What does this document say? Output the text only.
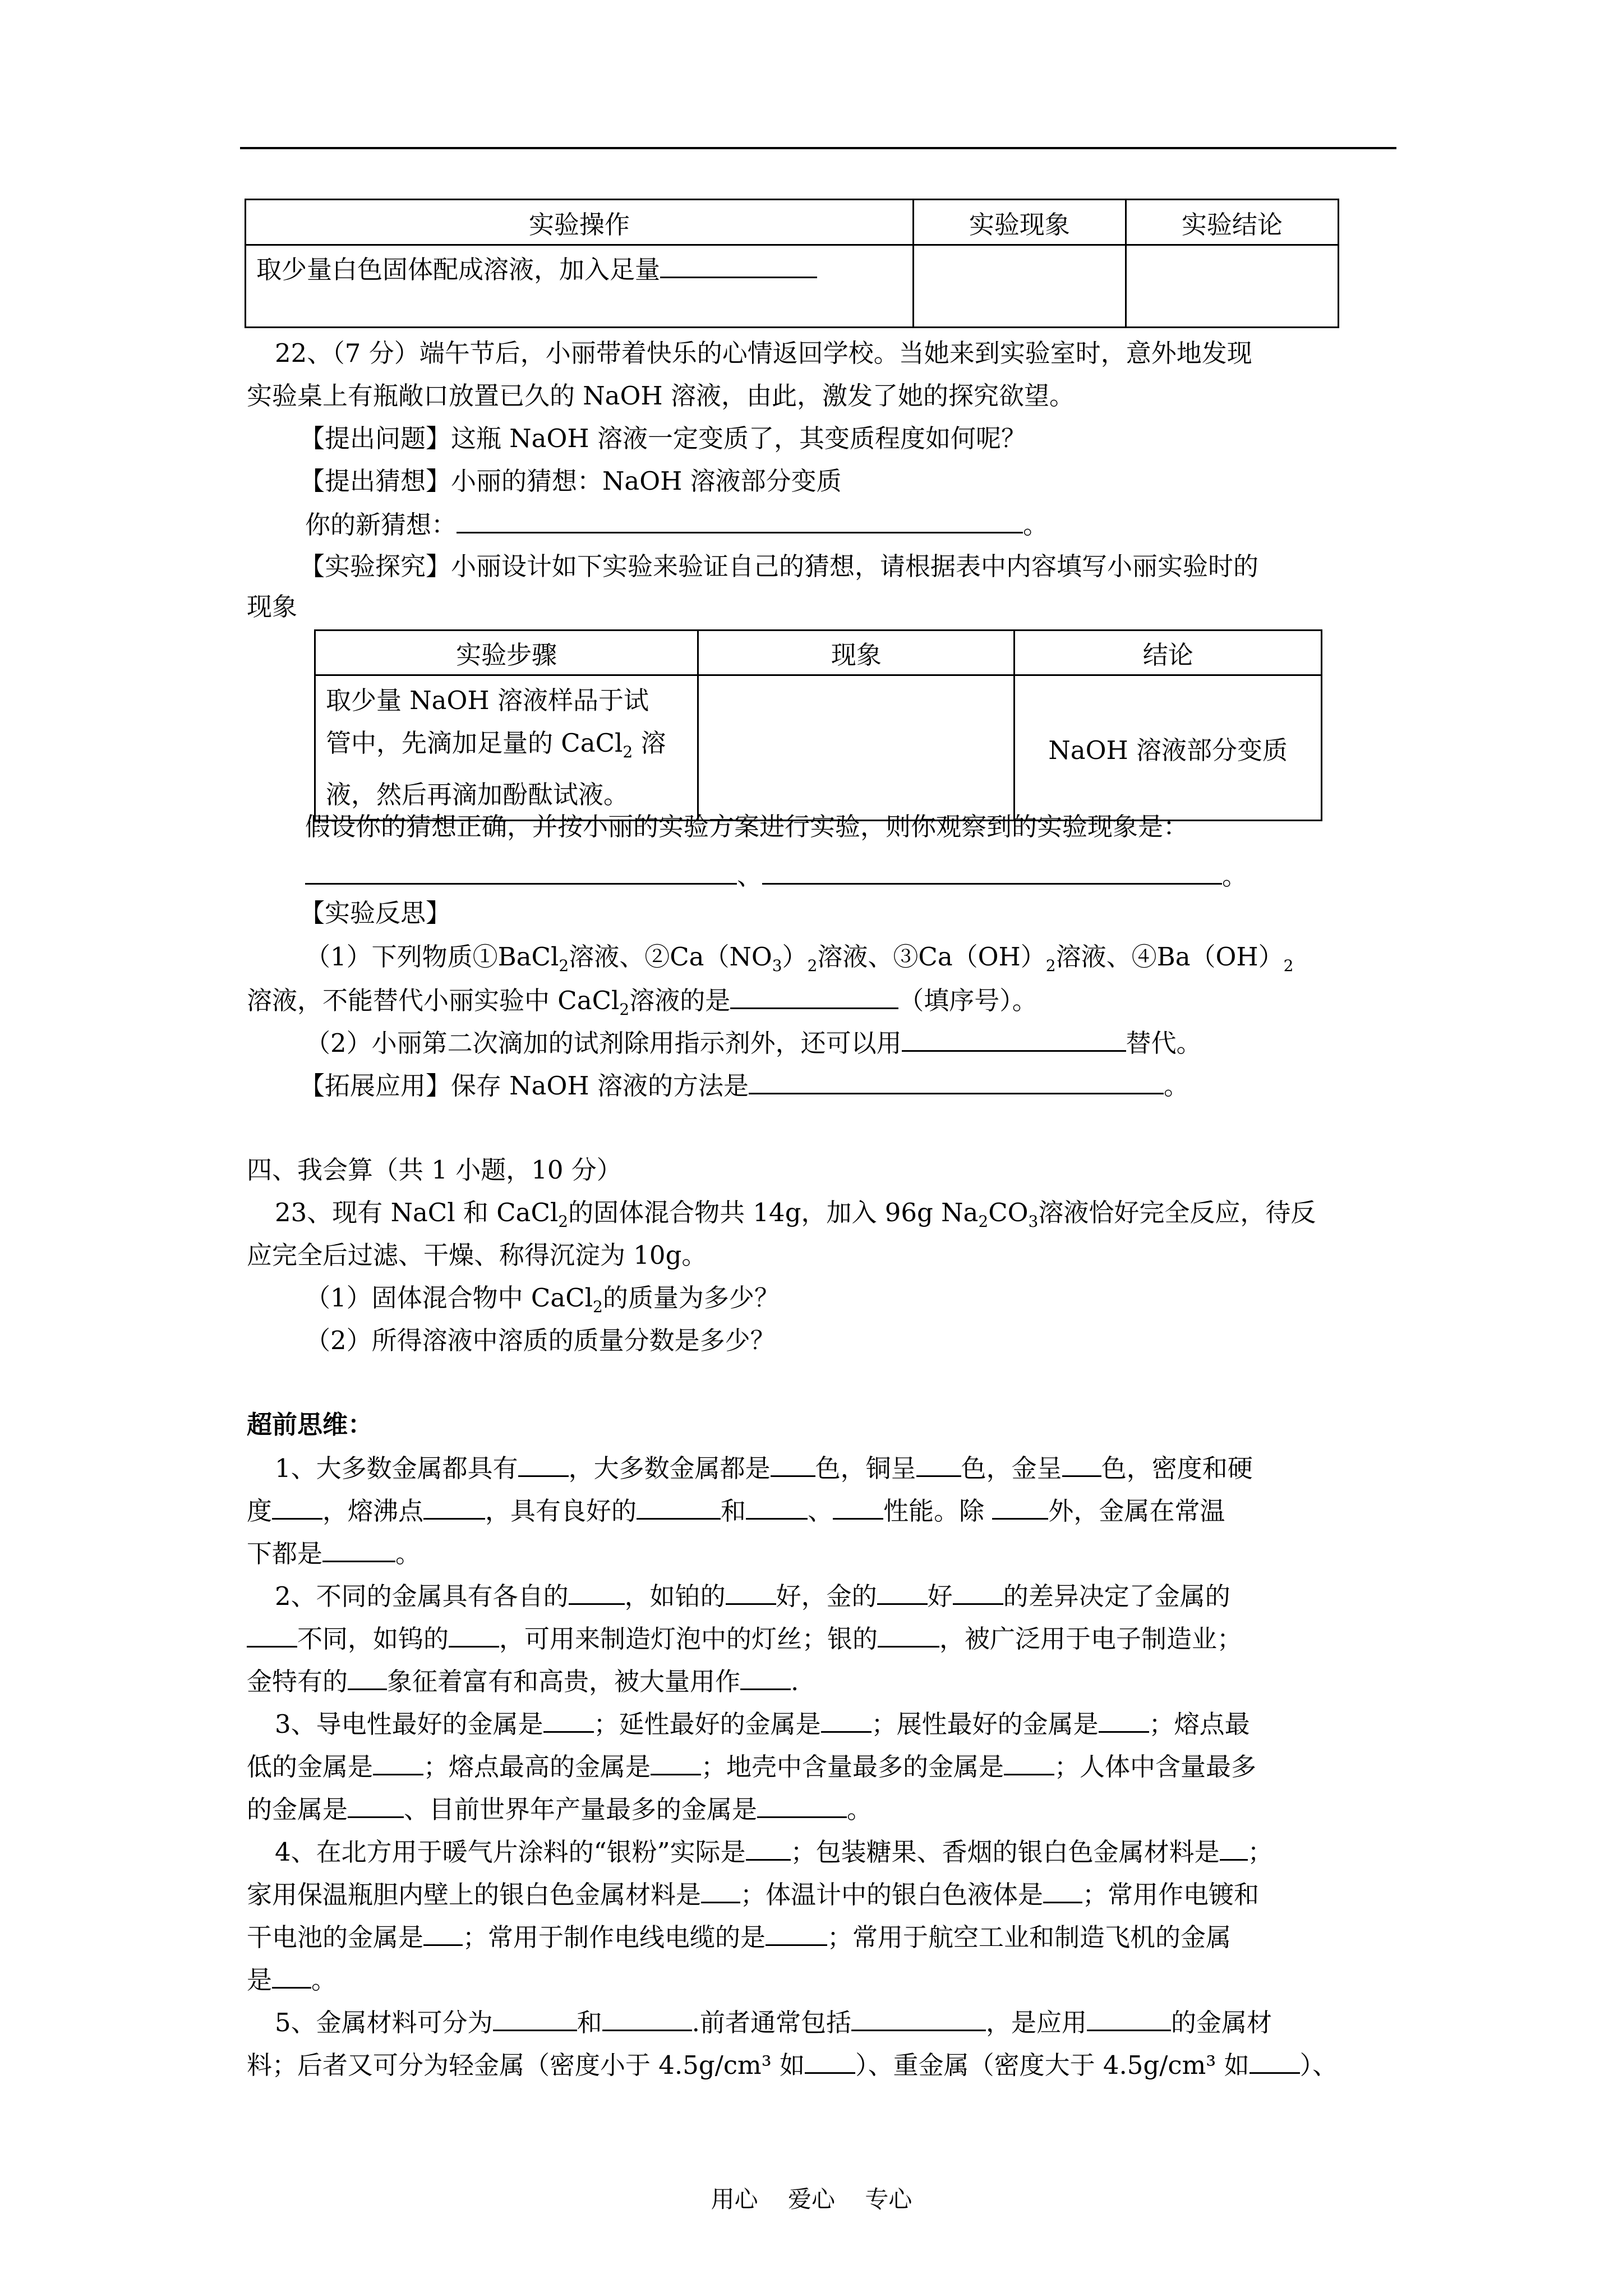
实验操作	实验现象	实验结论
取少量白色固体配成溶液，加入足量		
22、（7 分）端午节后，小丽带着快乐的心情返回学校。当她来到实验室时，意外地发现
实验桌上有瓶敞口放置已久的 NaOH 溶液，由此，激发了她的探究欲望。
【提出问题】这瓶 NaOH 溶液一定变质了，其变质程度如何呢？
【提出猜想】小丽的猜想：NaOH 溶液部分变质
你的新猜想：	。
【实验探究】小丽设计如下实验来验证自己的猜想，请根据表中内容填写小丽实验时的
现象
实验步骤	现象	结论

取少量 NaOH 溶液样品于试
管中，先滴加足量的 CaCl$_2$ 溶
液，然后再滴加酚酞试液。		NaOH 溶液部分变质
假设你的猜想正确，并按小丽的实验方案进行实验，则你观察到的实验现象是：
、	。
【实验反思】
（1）下列物质①BaCl$_2$溶液、$②Ca(NO_3)_2$溶液、$③Ca(OH)_2$溶液、$④Ba(OH)_2$
溶液，不能替代小丽实验中 CaCl$_2$溶液的是	（填序号）。
（2）小丽第二次滴加的试剂除用指示剂外，还可以用	替代。
【拓展应用】保存 NaOH 溶液的方法是	。
四、我会算（共 1 小题，10 分）
23、现有 NaCl 和 CaCl$_2$的固体混合物共 14g，加入 96g $Na_2CO_3$溶液恰好完全反应，待反
应完全后过滤、干燥、称得沉淀为 10g。
（1）固体混合物中 CaCl$_2$的质量为多少？
（2）所得溶液中溶质的质量分数是多少？
超前思维：
1、大多数金属都具有 ，大多数金属都是 色，铜呈 色，金呈 色，密度和硬
度 ，熔沸点 ，具有良好的	和 、 性能。除 外，金属在常温
下都是	。
2、不同的金属具有各自的 ，如铂的 好，金的 好 的差异决定了金属的
不同，如钨的 ，可用来制造灯泡中的灯丝；银的 ，被广泛用于电子制造业；
金特有的 象征着富有和高贵，被大量用作 .
3、导电性最好的金属是 ；延性最好的金属是 ；展性最好的金属是 ；熔点最
低的金属是 ；熔点最高的金属是 ；地壳中含量最多的金属是 ；人体中含量最多
的金属是 、目前世界年产量最多的金属是	。
4、在北方用于暖气片涂料的“银粉”实际是 ；包装糖果、香烟的银白色金属材料是 ；
家用保温瓶胆内壁上的银白色金属材料是 ；体温计中的银白色液体是 ；常用作电镀和
干电池的金属是 ；常用于制作电线电缆的是 ；常用于航空工业和制造飞机的金属
是 。
5、金属材料可分为	和	.前者通常包括	，是应用	的金属材
料；后者又可分为轻金属（密度小于 4.5g/cm³ 如 ）、重金属（密度大于 4.5g/cm³ 如 ）、
用心 爱心 专心
